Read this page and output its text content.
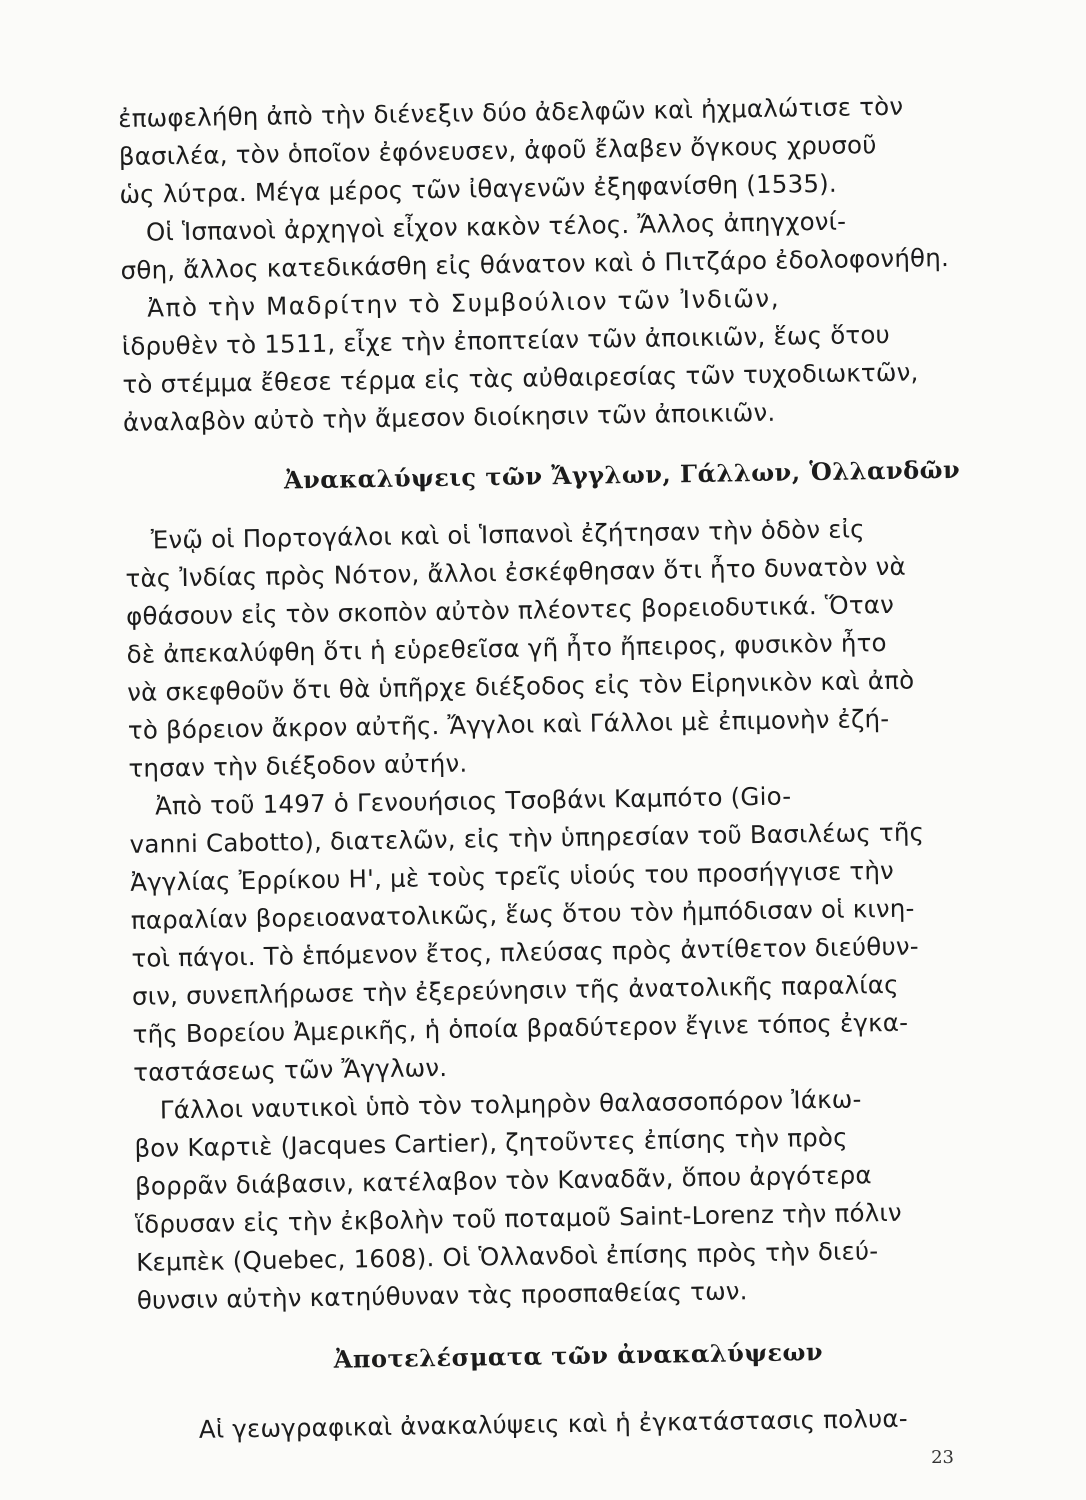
ἐπωφελήθη ἀπὸ τὴν διένεξιν δύο ἀδελφῶν καὶ ἠχμαλώτισε τὸν
βασιλέα, τὸν ὁποῖον ἐφόνευσεν, ἀφοῦ ἔλαβεν ὄγκους χρυσοῦ
ὡς λύτρα. Μέγα μέρος τῶν ἰθαγενῶν ἐξηφανίσθη (1535).
Οἱ Ἱσπανοὶ ἀρχηγοὶ εἶχον κακὸν τέλος. Ἄλλος ἀπηγχονί-
σθη, ἄλλος κατεδικάσθη εἰς θάνατον καὶ ὁ Πιτζάρο ἐδολοφονήθη.
Ἀπὸ τὴν Μαδρίτην τὸ Συμβούλιον τῶν Ἰνδιῶν,
ἱδρυθὲν τὸ 1511, εἶχε τὴν ἐποπτείαν τῶν ἀποικιῶν, ἕως ὅτου
τὸ στέμμα ἔθεσε τέρμα εἰς τὰς αὐθαιρεσίας τῶν τυχοδιωκτῶν,
ἀναλαβὸν αὐτὸ τὴν ἄμεσον διοίκησιν τῶν ἀποικιῶν.
Ἀνακαλύψεις τῶν Ἄγγλων, Γάλλων, Ὁλλανδῶν
Ἐνῷ οἱ Πορτογάλοι καὶ οἱ Ἱσπανοὶ ἐζήτησαν τὴν ὁδὸν εἰς
τὰς Ἰνδίας πρὸς Νότον, ἄλλοι ἐσκέφθησαν ὅτι ἦτο δυνατὸν νὰ
φθάσουν εἰς τὸν σκοπὸν αὐτὸν πλέοντες βορειοδυτικά. Ὅταν
δὲ ἀπεκαλύφθη ὅτι ἡ εὑρεθεῖσα γῆ ἦτο ἤπειρος, φυσικὸν ἦτο
νὰ σκεφθοῦν ὅτι θὰ ὑπῆρχε διέξοδος εἰς τὸν Εἰρηνικὸν καὶ ἀπὸ
τὸ βόρειον ἄκρον αὐτῆς. Ἄγγλοι καὶ Γάλλοι μὲ ἐπιμονὴν ἐζή-
τησαν τὴν διέξοδον αὐτήν.
Ἀπὸ τοῦ 1497 ὁ Γενουήσιος Τσοβάνι Καμπότο (Gio-
vanni Cabotto), διατελῶν, εἰς τὴν ὑπηρεσίαν τοῦ Βασιλέως τῆς
Ἀγγλίας Ἐρρίκου Η', μὲ τοὺς τρεῖς υἱούς του προσήγγισε τὴν
παραλίαν βορειοανατολικῶς, ἕως ὅτου τὸν ἠμπόδισαν οἱ κινη-
τοὶ πάγοι. Τὸ ἑπόμενον ἔτος, πλεύσας πρὸς ἀντίθετον διεύθυν-
σιν, συνεπλήρωσε τὴν ἐξερεύνησιν τῆς ἀνατολικῆς παραλίας
τῆς Βορείου Ἀμερικῆς, ἡ ὁποία βραδύτερον ἔγινε τόπος ἐγκα-
ταστάσεως τῶν Ἄγγλων.
Γάλλοι ναυτικοὶ ὑπὸ τὸν τολμηρὸν θαλασσοπόρον Ἰάκω-
βον Καρτιὲ (Jacques Cartier), ζητοῦντες ἐπίσης τὴν πρὸς
βορρᾶν διάβασιν, κατέλαβον τὸν Καναδᾶν, ὅπου ἀργότερα
ἵδρυσαν εἰς τὴν ἐκβολὴν τοῦ ποταμοῦ Saint-Lorenz τὴν πόλιν
Κεμπὲκ (Quebec, 1608). Οἱ Ὁλλανδοὶ ἐπίσης πρὸς τὴν διεύ-
θυνσιν αὐτὴν κατηύθυναν τὰς προσπαθείας των.
Ἀποτελέσματα τῶν ἀνακαλύψεων
Αἱ γεωγραφικαὶ ἀνακαλύψεις καὶ ἡ ἐγκατάστασις πολυα-
23
